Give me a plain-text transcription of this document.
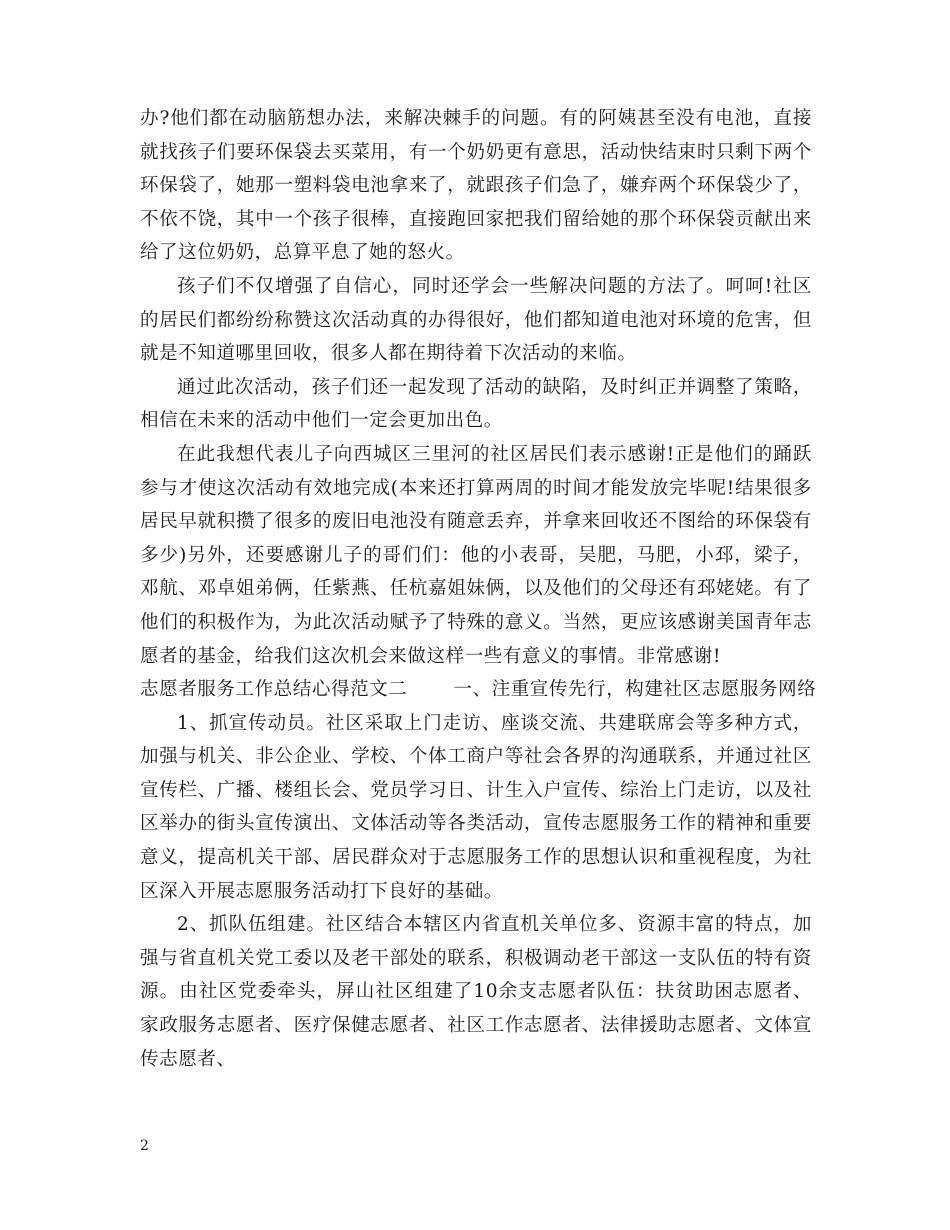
办?他们都在动脑筋想办法，来解决棘手的问题。有的阿姨甚至没有电池，直接就找孩子们要环保袋去买菜用，有一个奶奶更有意思，活动快结束时只剩下两个环保袋了，她那一塑料袋电池拿来了，就跟孩子们急了，嫌弃两个环保袋少了，不依不饶，其中一个孩子很棒，直接跑回家把我们留给她的那个环保袋贡献出来给了这位奶奶，总算平息了她的怒火。

孩子们不仅增强了自信心，同时还学会一些解决问题的方法了。呵呵!社区的居民们都纷纷称赞这次活动真的办得很好，他们都知道电池对环境的危害，但就是不知道哪里回收，很多人都在期待着下次活动的来临。

通过此次活动，孩子们还一起发现了活动的缺陷，及时纠正并调整了策略，相信在未来的活动中他们一定会更加出色。

在此我想代表儿子向西城区三里河的社区居民们表示感谢!正是他们的踊跃参与才使这次活动有效地完成(本来还打算两周的时间才能发放完毕呢!结果很多居民早就积攒了很多的废旧电池没有随意丢弃，并拿来回收还不图给的环保袋有多少)另外，还要感谢儿子的哥们们：他的小表哥，吴肥，马肥，小邳，梁子，邓航、邓卓姐弟俩，任紫燕、任杭嘉姐妹俩，以及他们的父母还有邳姥姥。有了他们的积极作为，为此次活动赋予了特殊的意义。当然，更应该感谢美国青年志愿者的基金，给我们这次机会来做这样一些有意义的事情。非常感谢!

志愿者服务工作总结心得范文二 一、注重宣传先行，构建社区志愿服务网络

1、抓宣传动员。社区采取上门走访、座谈交流、共建联席会等多种方式，加强与机关、非公企业、学校、个体工商户等社会各界的沟通联系，并通过社区宣传栏、广播、楼组长会、党员学习日、计生入户宣传、综治上门走访，以及社区举办的街头宣传演出、文体活动等各类活动，宣传志愿服务工作的精神和重要意义，提高机关干部、居民群众对于志愿服务工作的思想认识和重视程度，为社区深入开展志愿服务活动打下良好的基础。

2、抓队伍组建。社区结合本辖区内省直机关单位多、资源丰富的特点，加强与省直机关党工委以及老干部处的联系，积极调动老干部这一支队伍的特有资源。由社区党委牵头，屏山社区组建了10余支志愿者队伍：扶贫助困志愿者、家政服务志愿者、医疗保健志愿者、社区工作志愿者、法律援助志愿者、文体宣传志愿者、

2
